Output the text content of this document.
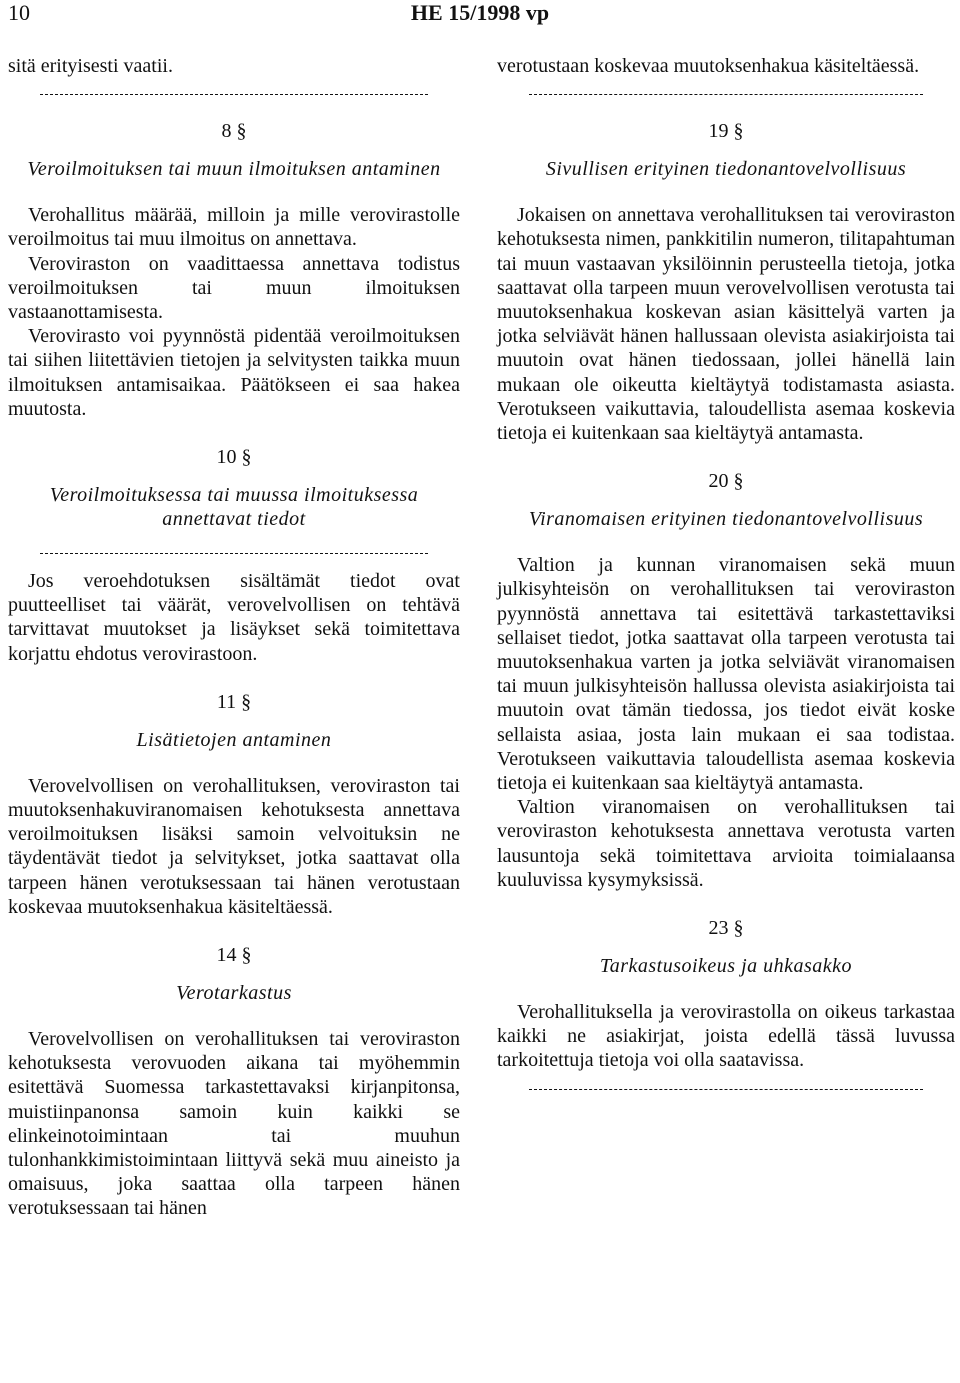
10	HE 15/1998 vp

sitä erityisesti vaatii.

8 §
Veroilmoituksen tai muun ilmoituksen antaminen

Verohallitus määrää, milloin ja mille verovirastolle veroilmoitus tai muu ilmoitus on annettava.

Veroviraston on vaadittaessa annettava todistus veroilmoituksen tai muun ilmoituksen vastaanottamisesta.

Verovirasto voi pyynnöstä pidentää veroilmoituksen tai siihen liitettävien tietojen ja selvitysten taikka muun ilmoituksen antamisaikaa. Päätökseen ei saa hakea muutosta.

10 §
Veroilmoituksessa tai muussa ilmoituksessa annettavat tiedot

Jos veroehdotuksen sisältämät tiedot ovat puutteelliset tai väärät, verovelvollisen on tehtävä tarvittavat muutokset ja lisäykset sekä toimitettava korjattu ehdotus verovirastoon.

11 §
Lisätietojen antaminen

Verovelvollisen on verohallituksen, veroviraston tai muutoksenhakuviranomaisen kehotuksesta annettava veroilmoituksen lisäksi samoin velvoituksin ne täydentävät tiedot ja selvitykset, jotka saattavat olla tarpeen hänen verotuksessaan tai hänen verotustaan koskevaa muutoksenhakua käsiteltäessä.

14 §
Verotarkastus

Verovelvollisen on verohallituksen tai veroviraston kehotuksesta verovuoden aikana tai myöhemmin esitettävä Suomessa tarkastettavaksi kirjanpitonsa, muistiinpanonsa samoin kuin kaikki se elinkeinotoimintaan tai muuhun tulonhankkimistoimintaan liittyvä sekä muu aineisto ja omaisuus, joka saattaa olla tarpeen hänen verotuksessaan tai hänen

verotustaan koskevaa muutoksenhakua käsiteltäessä.

19 §
Sivullisen erityinen tiedonantovelvollisuus

Jokaisen on annettava verohallituksen tai veroviraston kehotuksesta nimen, pankkitilin numeron, tilitapahtuman tai muun vastaavan yksilöinnin perusteella tietoja, jotka saattavat olla tarpeen muun verovelvollisen verotusta tai muutoksenhakua koskevan asian käsittelyä varten ja jotka selviävät hänen hallussaan olevista asiakirjoista tai muutoin ovat hänen tiedossaan, jollei hänellä lain mukaan ole oikeutta kieltäytyä todistamasta asiasta. Verotukseen vaikuttavia, taloudellista asemaa koskevia tietoja ei kuitenkaan saa kieltäytyä antamasta.

20 §
Viranomaisen erityinen tiedonantovelvollisuus

Valtion ja kunnan viranomaisen sekä muun julkisyhteisön on verohallituksen tai veroviraston pyynnöstä annettava tai esitettävä tarkastettaviksi sellaiset tiedot, jotka saattavat olla tarpeen verotusta tai muutoksenhakua varten ja jotka selviävät viranomaisen tai muun julkisyhteisön hallussa olevista asiakirjoista tai muutoin ovat tämän tiedossa, jos tiedot eivät koske sellaista asiaa, josta lain mukaan ei saa todistaa. Verotukseen vaikuttavia taloudellista asemaa koskevia tietoja ei kuitenkaan saa kieltäytyä antamasta.

Valtion viranomaisen on verohallituksen tai veroviraston kehotuksesta annettava verotusta varten lausuntoja sekä toimitettava arvioita toimialaansa kuuluvissa kysymyksissä.

23 §
Tarkastusoikeus ja uhkasakko

Verohallituksella ja verovirastolla on oikeus tarkastaa kaikki ne asiakirjat, joista edellä tässä luvussa tarkoitettuja tietoja voi olla saatavissa.
